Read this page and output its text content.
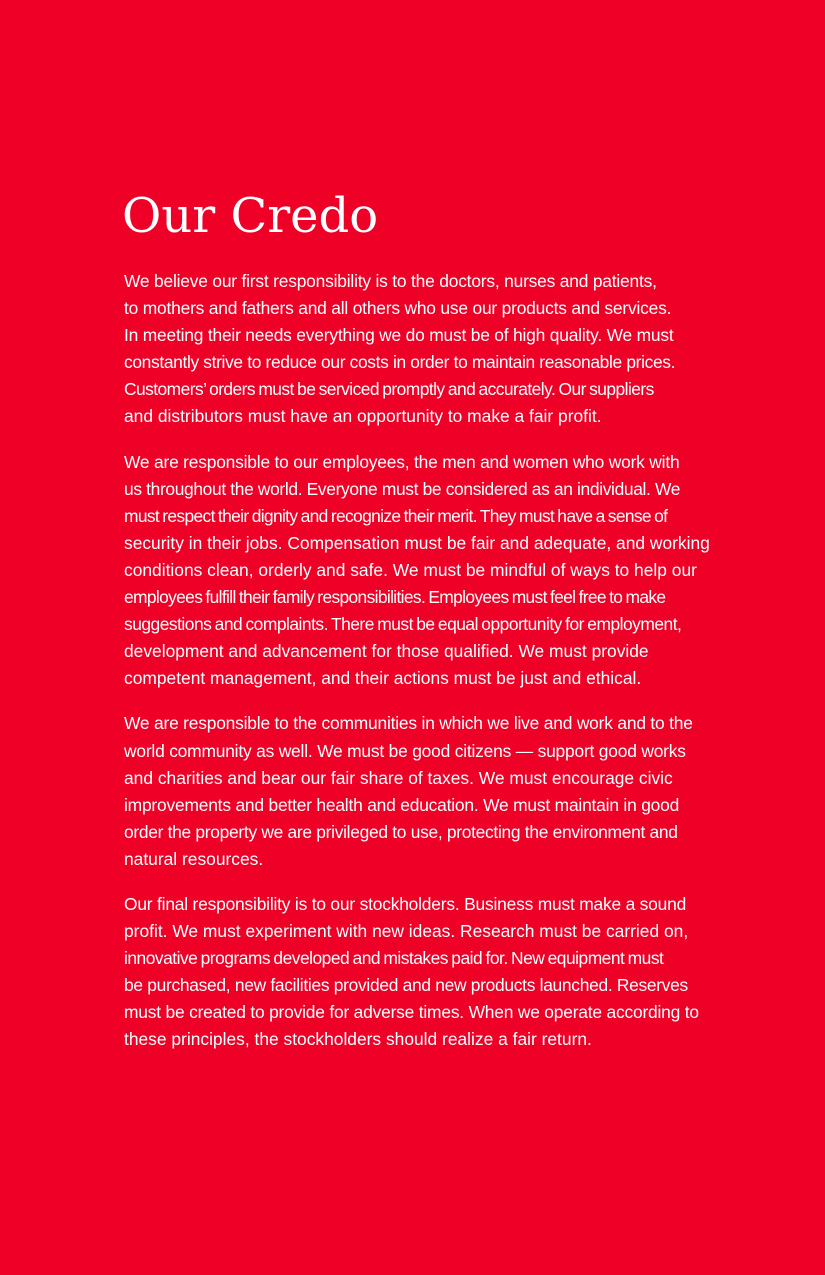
Our Credo

We believe our first responsibility is to the doctors, nurses and patients,
to mothers and fathers and all others who use our products and services.
In meeting their needs everything we do must be of high quality. We must
constantly strive to reduce our costs in order to maintain reasonable prices.
Customers’ orders must be serviced promptly and accurately. Our suppliers
and distributors must have an opportunity to make a fair profit.

We are responsible to our employees, the men and women who work with
us throughout the world. Everyone must be considered as an individual. We
must respect their dignity and recognize their merit. They must have a sense of
security in their jobs. Compensation must be fair and adequate, and working
conditions clean, orderly and safe. We must be mindful of ways to help our
employees fulfill their family responsibilities. Employees must feel free to make
suggestions and complaints. There must be equal opportunity for employment,
development and advancement for those qualified. We must provide
competent management, and their actions must be just and ethical.

We are responsible to the communities in which we live and work and to the
world community as well. We must be good citizens — support good works
and charities and bear our fair share of taxes. We must encourage civic
improvements and better health and education. We must maintain in good
order the property we are privileged to use, protecting the environment and
natural resources.

Our final responsibility is to our stockholders. Business must make a sound
profit. We must experiment with new ideas. Research must be carried on,
innovative programs developed and mistakes paid for. New equipment must
be purchased, new facilities provided and new products launched. Reserves
must be created to provide for adverse times. When we operate according to
these principles, the stockholders should realize a fair return.
